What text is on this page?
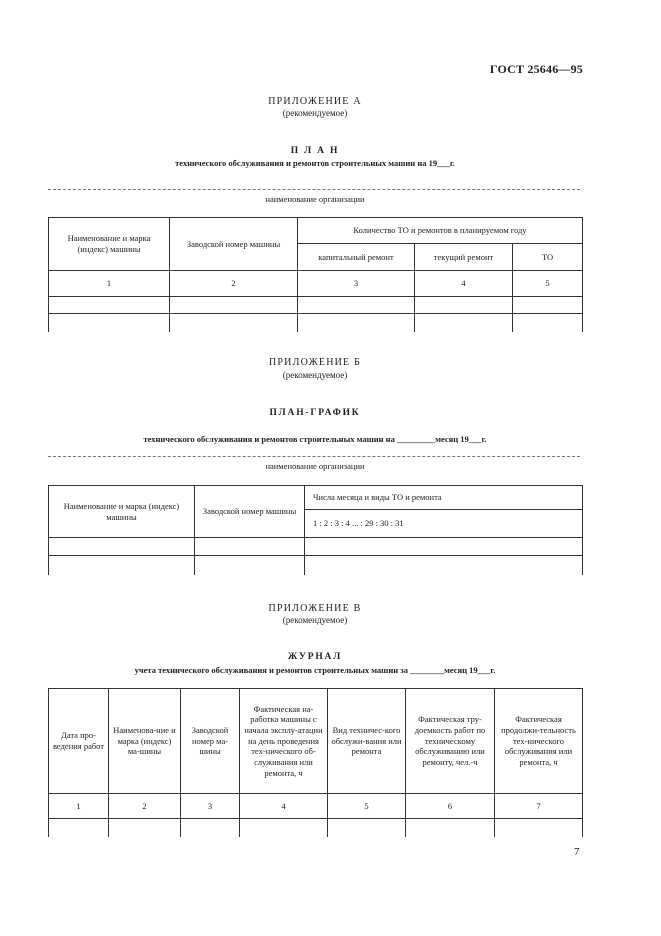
ГОСТ 25646—95
ПРИЛОЖЕНИЕ А
(рекомендуемое)
П Л А Н
технического обслуживания и ремонтов строительных машин на 19___г.
наименование организации
Наименование и марка (индекс) машины	Заводской номер машины	Количество ТО и ремонтов в планируемом году		
		капитальный ремонт	текущий ремонт	ТО
1	2	3	4	5

ПРИЛОЖЕНИЕ Б
(рекомендуемое)
ПЛАН-ГРАФИК
технического обслуживания и ремонтов строительных машин на _________месяц 19___г.
наименование организации
Наименование и марка (индекс) машины	Заводской номер машины	Числа месяца и виды ТО и ремонта
		1 : 2 : 3 : 4 ... : 29 : 30 : 31

ПРИЛОЖЕНИЕ В
(рекомендуемое)
ЖУРНАЛ
учета технического обслуживания и ремонтов строительных машин за ________месяц 19___г.
Дата про-ведения работ	Наименова-ние и марка (индекс) ма-шины	Заводской номер ма-шины	Фактическая на-работка машины с начала эксплу-атации на день проведения тех-нического об-служивания или ремонта, ч	Вид техничес-кого обслужи-вания или ремонта	Фактическая тру-доемкость работ по техническому обслуживанию или ремонту, чел.-ч	Фактическая продолжи-тельность тех-нического обслуживания или ремонта, ч
1	2	3	4	5	6	7

7
